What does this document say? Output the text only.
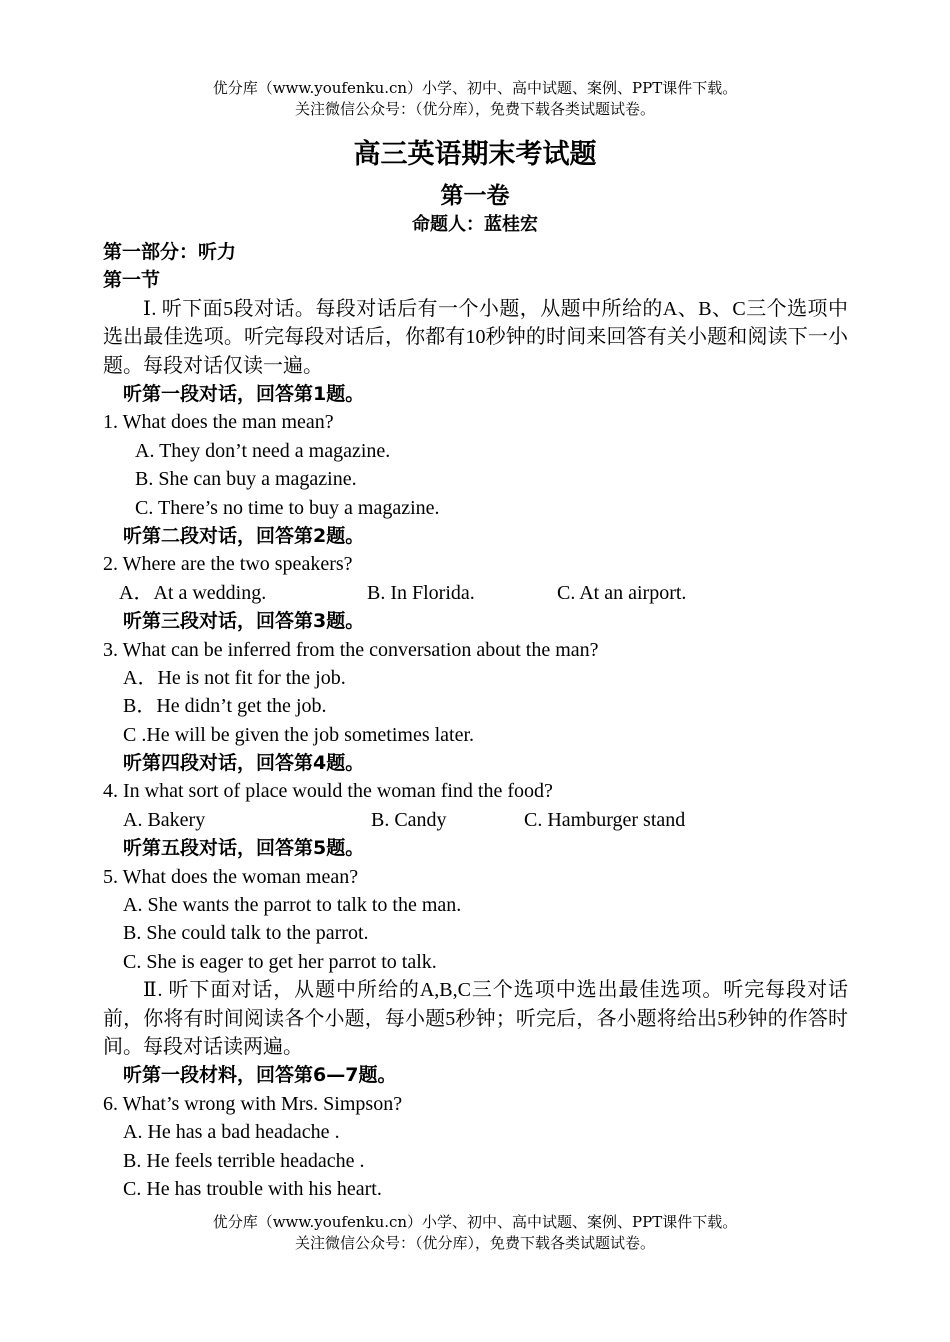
优分库（www.youfenku.cn）小学、初中、高中试题、案例、PPT课件下载。
关注微信公众号：（优分库），免费下载各类试题试卷。
高三英语期末考试题
第一卷
命题人：蓝桂宏
第一部分：听力
第一节
Ⅰ. 听下面5段对话。每段对话后有一个小题，从题中所给的A、B、C三个选项中选出最佳选项。听完每段对话后，你都有10秒钟的时间来回答有关小题和阅读下一小题。每段对话仅读一遍。
听第一段对话，回答第1题。
1. What does the man mean?
A. They don’t need a magazine.
B. She can buy a magazine.
C. There’s no time to buy a magazine.
听第二段对话，回答第2题。
2. Where are the two speakers?
A．At a wedding.	B. In Florida.	C. At an airport.
听第三段对话，回答第3题。
3. What can be inferred from the conversation about the man?
A．He is not fit for the job.
B．He didn’t get the job.
C .He will be given the job sometimes later.
听第四段对话，回答第4题。
4. In what sort of place would the woman find the food?
A. Bakery	B. Candy	C. Hamburger stand
听第五段对话，回答第5题。
5. What does the woman mean?
A. She wants the parrot to talk to the man.
B. She could talk to the parrot.
C. She is eager to get her parrot to talk.
Ⅱ. 听下面对话，从题中所给的A,B,C三个选项中选出最佳选项。听完每段对话前，你将有时间阅读各个小题，每小题5秒钟；听完后，各小题将给出5秒钟的作答时间。每段对话读两遍。
听第一段材料，回答第6—7题。
6. What’s wrong with Mrs. Simpson?
A. He has a bad headache .
B. He feels terrible headache .
C. He has trouble with his heart.
优分库（www.youfenku.cn）小学、初中、高中试题、案例、PPT课件下载。
关注微信公众号：（优分库），免费下载各类试题试卷。
